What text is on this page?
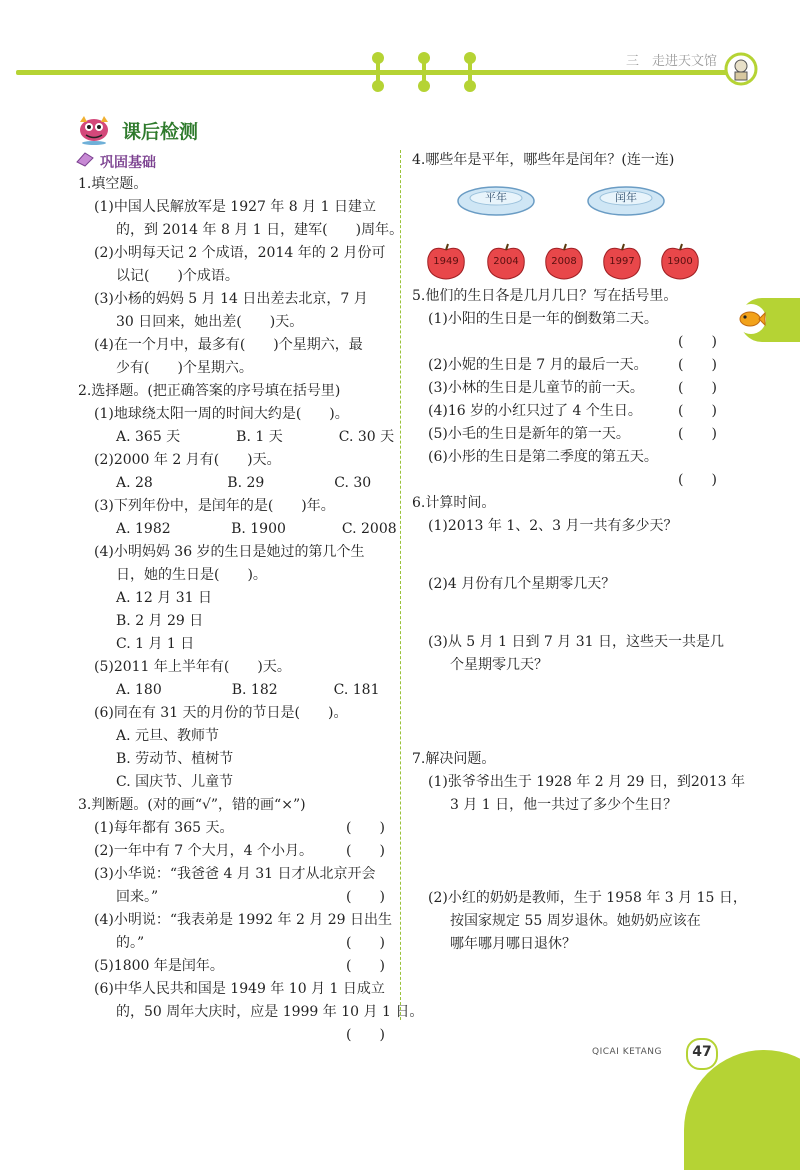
三 走进天文馆
课后检测
巩固基础
1.填空题。
(1)中国人民解放军是 1927 年 8 月 1 日建立
的，到 2014 年 8 月 1 日，建军(　　)周年。
(2)小明每天记 2 个成语，2014 年的 2 月份可
以记(　　)个成语。
(3)小杨的妈妈 5 月 14 日出差去北京，7 月
30 日回来，她出差(　　)天。
(4)在一个月中，最多有(　　)个星期六，最
少有(　　)个星期六。
2.选择题。(把正确答案的序号填在括号里)
(1)地球绕太阳一周的时间大约是(　　)。
A. 365 天　　　　B. 1 天　　　　C. 30 天
(2)2000 年 2 月有(　　)天。
A. 28　　　　　 B. 29　　　　　C. 30
(3)下列年份中，是闰年的是(　　)年。
A. 1982　　　　 B. 1900　　　　C. 2008
(4)小明妈妈 36 岁的生日是她过的第几个生
日，她的生日是(　　)。
A. 12 月 31 日
B. 2 月 29 日
C. 1 月 1 日
(5)2011 年上半年有(　　)天。
A. 180　　　　　B. 182　　　　C. 181
(6)同在有 31 天的月份的节日是(　　)。
A. 元旦、教师节
B. 劳动节、植树节
C. 国庆节、儿童节
3.判断题。(对的画“√”，错的画“×”)
(1)每年都有 365 天。	(　　)
(2)一年中有 7 个大月，4 个小月。 (　　)
(3)小华说：“我爸爸 4 月 31 日才从北京开会
回来。”	(　　)
(4)小明说：“我表弟是 1992 年 2 月 29 日出生
的。”	(　　)
(5)1800 年是闰年。	(　　)
(6)中华人民共和国是 1949 年 10 月 1 日成立
的，50 周年大庆时，应是 1999 年 10 月 1 日。
(　　)
4.哪些年是平年，哪些年是闰年？(连一连)
平年	闰年
1949	2004	2008	1997	1900
5.他们的生日各是几月几日？写在括号里。
(1)小阳的生日是一年的倒数第二天。
(　　)
(2)小妮的生日是 7 月的最后一天。 (　　)
(3)小林的生日是儿童节的前一天。 (　　)
(4)16 岁的小红只过了 4 个生日。	(　　)
(5)小毛的生日是新年的第一天。	(　　)
(6)小彤的生日是第二季度的第五天。
(　　)
6.计算时间。
(1)2013 年 1、2、3 月一共有多少天？
(2)4 月份有几个星期零几天？
(3)从 5 月 1 日到 7 月 31 日，这些天一共是几
个星期零几天？
7.解决问题。
(1)张爷爷出生于 1928 年 2 月 29 日，到2013 年
3 月 1 日，他一共过了多少个生日？
(2)小红的奶奶是教师，生于 1958 年 3 月 15 日，
按国家规定 55 周岁退休。她奶奶应该在
哪年哪月哪日退休？
QICAI KETANG	47
